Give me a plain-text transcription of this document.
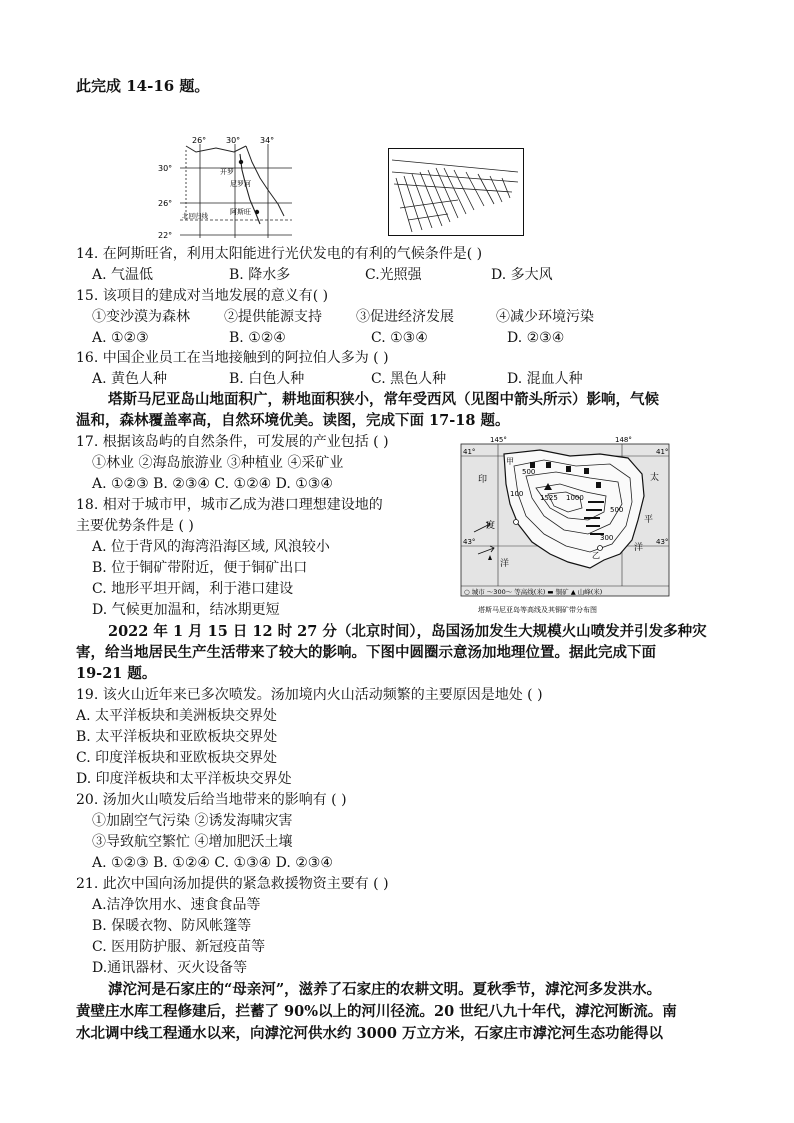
此完成 14-16 题。
26° 30° 34°
30°
26°
22°
开罗
尼罗河
北回归线	阿斯旺
14. 在阿斯旺省，利用太阳能进行光伏发电的有利的气候条件是( )
A. 气温低	B. 降水多	C.光照强	D. 多大风
15. 该项目的建成对当地发展的意义有( )
①变沙漠为森林 ②提供能源支持 ③促进经济发展	④减少环境污染
A. ①②③	B. ①②④	C. ①③④	D. ②③④
16. 中国企业员工在当地接触到的阿拉伯人多为 ( )
A. 黄色人种	B. 白色人种	C. 黑色人种	D. 混血人种
塔斯马尼亚岛山地面积广，耕地面积狭小，常年受西风（见图中箭头所示）影响，气候
温和，森林覆盖率高，自然环境优美。读图，完成下面 17-18 题。
17. 根据该岛屿的自然条件，可发展的产业包括 ( )
①林业 ②海岛旅游业 ③种植业 ④采矿业
A. ①②③ B. ②③④ C. ①②④ D. ①③④
18. 相对于城市甲，城市乙成为港口理想建设地的
主要优势条件是 ( )
A. 位于背风的海湾沿海区域, 风浪较小
B. 位于铜矿带附近，便于铜矿出口
C. 地形平坦开阔，利于港口建设
D. 气候更加温和，结冰期更短
145°	148°
41°	41°
43°	43°
500
1000
1525
300
500
100
甲
乙
印
度
洋
太
平
洋
○ 城市 ～300～ 等高线(米) ▬ 铜矿 ▲ 山峰(米)
塔斯马尼亚岛等高线及其铜矿带分布图
2022 年 1 月 15 日 12 时 27 分（北京时间），岛国汤加发生大规模火山喷发并引发多种灾
害，给当地居民生产生活带来了较大的影响。下图中圆圈示意汤加地理位置。据此完成下面
19-21 题。
19. 该火山近年来已多次喷发。汤加境内火山活动频繁的主要原因是地处 ( )
A. 太平洋板块和美洲板块交界处
B. 太平洋板块和亚欧板块交界处
C. 印度洋板块和亚欧板块交界处
D. 印度洋板块和太平洋板块交界处
20. 汤加火山喷发后给当地带来的影响有 ( )
①加剧空气污染 ②诱发海啸灾害
③导致航空繁忙 ④增加肥沃土壤
A. ①②③ B. ①②④ C. ①③④ D. ②③④
21. 此次中国向汤加提供的紧急救援物资主要有 ( )
A.洁净饮用水、速食食品等
B. 保暖衣物、防风帐篷等
C. 医用防护服、新冠疫苗等
D.通讯器材、灭火设备等
滹沱河是石家庄的“母亲河”，滋养了石家庄的农耕文明。夏秋季节，滹沱河多发洪水。
黄壁庄水库工程修建后，拦蓄了 90%以上的河川径流。20 世纪八九十年代，滹沱河断流。南
水北调中线工程通水以来，向滹沱河供水约 3000 万立方米，石家庄市滹沱河生态功能得以
